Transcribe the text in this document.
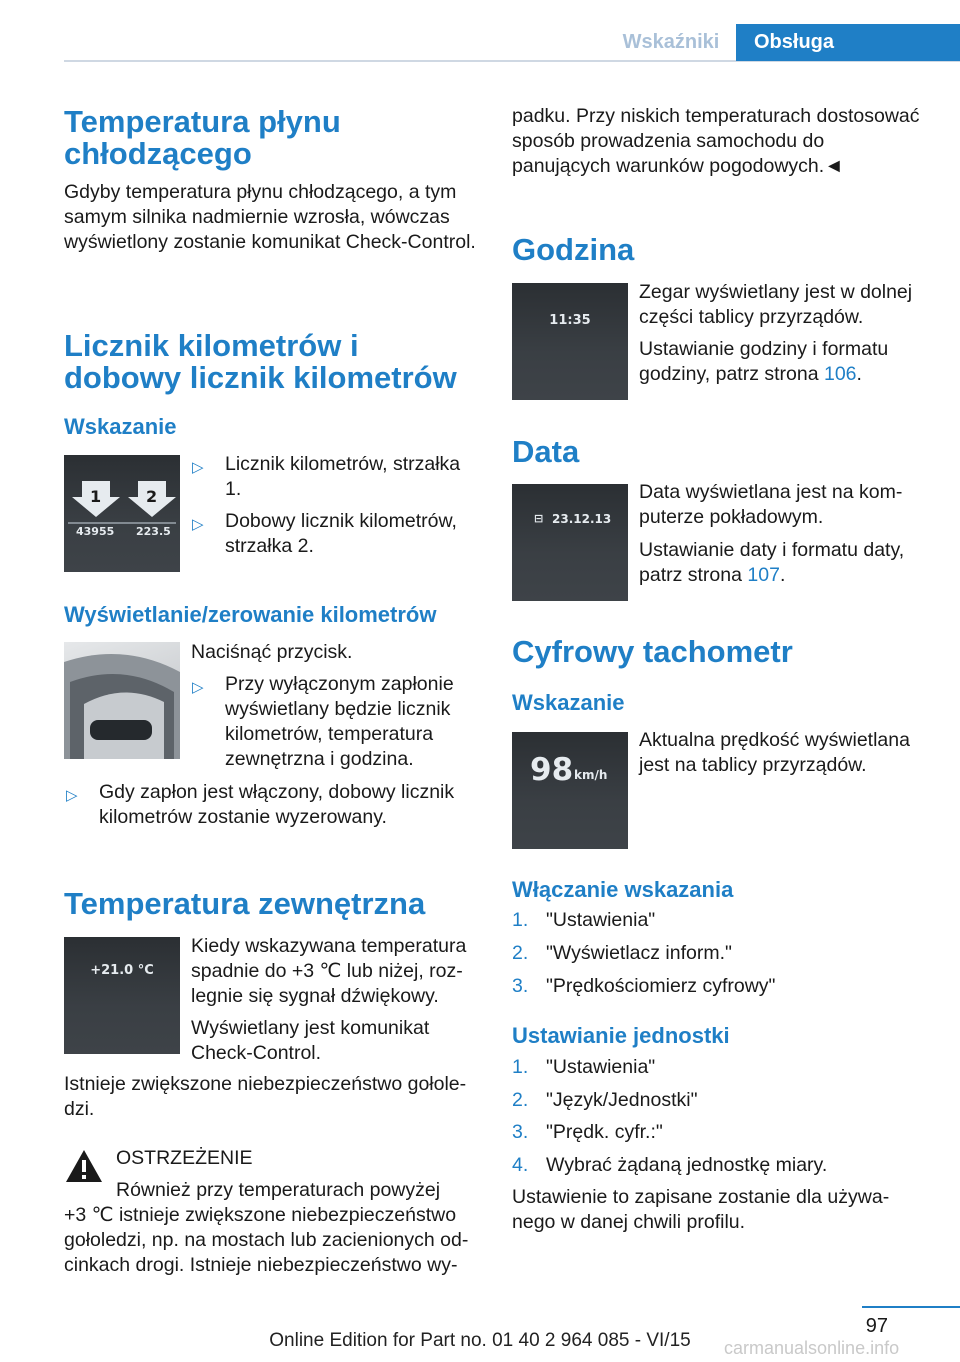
Wskaźniki	Obsługa
Temperatura płynu chłodzącego
Gdyby temperatura płynu chłodzącego, a tym samym silnika nadmiernie wzrosła, wówczas wyświetlony zostanie komunikat Check-Control.
Licznik kilometrów i dobowy licznik kilometrów
Wskazanie
1	2
43955 223.5
▷ Licznik kilometrów, strzałka 1.
▷ Dobowy licznik kilometrów, strzałka 2.
Wyświetlanie/zerowanie kilometrów
Naciśnąć przycisk.
▷ Przy wyłączonym zapłonie wyświetlany będzie licznik kilometrów, temperatura zewnętrzna i godzina.
▷ Gdy zapłon jest włączony, dobowy licznik kilometrów zostanie wyzerowany.
Temperatura zewnętrzna
+21.0 °C
Kiedy wskazywana temperatura spadnie do +3 ℃ lub niżej, rozlegnie się sygnał dźwiękowy.
Wyświetlany jest komunikat Check-Control.
Istnieje zwiększone niebezpieczeństwo gołoledzi.
OSTRZEŻENIE
Również przy temperaturach powyżej
+3 ℃ istnieje zwiększone niebezpieczeństwo gołoledzi, np. na mostach lub zacienionych odcinkach drogi. Istnieje niebezpieczeństwo wy-
padku. Przy niskich temperaturach dostosować sposób prowadzenia samochodu do panujących warunków pogodowych.◄
Godzina
11:35
Zegar wyświetlany jest w dolnej części tablicy przyrządów.
Ustawianie godziny i formatu godziny, patrz strona 106.
Data
⊟ 23.12.13
Data wyświetlana jest na komputerze pokładowym.
Ustawianie daty i formatu daty, patrz strona 107.
Cyfrowy tachometr
Wskazanie
98 km/h
Aktualna prędkość wyświetlana jest na tablicy przyrządów.
Włączanie wskazania
1. "Ustawienia"
2. "Wyświetlacz inform."
3. "Prędkościomierz cyfrowy"
Ustawianie jednostki
1. "Ustawienia"
2. "Język/Jednostki"
3. "Prędk. cyfr.:"
4. Wybrać żądaną jednostkę miary.
Ustawienie to zapisane zostanie dla używanego w danej chwili profilu.
97
Online Edition for Part no. 01 40 2 964 085 - VI/15	carmanualsonline.info
